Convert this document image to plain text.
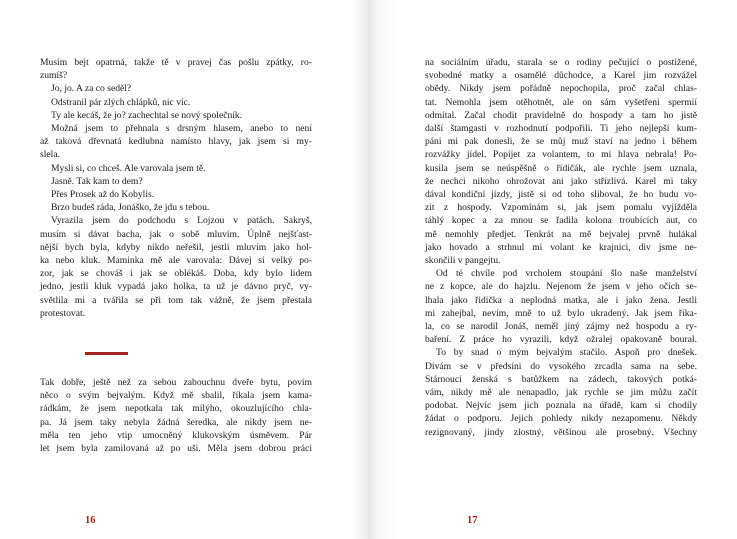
Musím bejt opatrná, takže tě v pravej čas pošlu zpátky, ro-
zumíš?
Jo, jo. A za co seděl?
Odstranil pár zlých chlápků, nic víc.
Ty ale kecáš, že jo? zachechtal se nový společník.
Možná jsem to přehnala s drsným hlasem, anebo to není
až taková dřevnatá kedlubna namísto hlavy, jak jsem si my-
slela.
Mysli si, co chceš. Ale varovala jsem tě.
Jasně. Tak kam to dem?
Přes Prosek až do Kobylis.
Brzo budeš ráda, Jonáško, že jdu s tebou.
Vyrazila jsem do podchodu s Lojzou v patách. Sakryš,
musím si dávat bacha, jak o sobě mluvím. Úplně nejšťast-
nější bych byla, kdyby nikdo neřešil, jestli mluvím jako hol-
ka nebo kluk. Maminka mě ale varovala: Dávej si velký po-
zor, jak se chováš i jak se oblékáš. Doba, kdy bylo lidem
jedno, jestli kluk vypadá jako holka, ta už je dávno pryč, vy-
světlila mi a tvářila se při tom tak vážně, že jsem přestala
protestovat.
Tak dobře, ještě než za sebou zabouchnu dveře bytu, povím
něco o svým bejvalým. Když mě sbalil, říkala jsem kama-
rádkám, že jsem nepotkala tak milýho, okouzlujícího chla-
pa. Já jsem taky nebyla žádná šeredka, ale nikdy jsem ne-
měla ten jeho vtip umocněný klukovským úsměvem. Pár
let jsem byla zamilovaná až po uši. Měla jsem dobrou práci
16
na sociálním úřadu, starala se o rodiny pečující o postižené,
svobodné matky a osamělé důchodce, a Karel jim rozvážel
obědy. Nikdy jsem pořádně nepochopila, proč začal chlas-
tat. Nemohla jsem otěhotnět, ale on sám vyšetření spermií
odmítal. Začal chodit pravidelně do hospody a tam ho jistě
další štamgasti v rozhodnutí podpořili. Ti jeho nejlepší kum-
páni mi pak donesli, že se můj muž staví na jedno i během
rozvážky jídel. Popíjet za volantem, to mi hlava nebrala! Po-
kusila jsem se neúspěšně o řidičák, ale rychle jsem uznala,
že nechci nikoho ohrožovat ani jako střízlivá. Karel mi taky
dával kondiční jízdy, jistě si od toho sliboval, že ho budu vo-
zit z hospody. Vzpomínám si, jak jsem pomalu vyjížděla
táhlý kopec a za mnou se řadila kolona troubících aut, co
mě nemohly předjet. Tenkrát na mě bejvalej prvně hulákal
jako hovado a strhnul mi volant ke krajnici, div jsme ne-
skončili v pangejtu.
Od té chvíle pod vrcholem stoupání šlo naše manželství
ne z kopce, ale do hajzlu. Nejenom že jsem v jeho očích se-
lhala jako řidička a neplodná matka, ale i jako žena. Jestli
mi zahejbal, nevím, mně to už bylo ukradený. Jak jsem říka-
la, co se narodil Jonáš, neměl jiný zájmy než hospodu a ry-
baření. Z práce ho vyrazili, když ožralej opakovaně boural.
To by snad o mým bejvalým stačilo. Aspoň pro dnešek.
Dívám se v předsíni do vysokého zrcadla sama na sebe.
Stárnoucí ženská s batůžkem na zádech, takových potká-
vám, nikdy mě ale nenapadlo, jak rychle se jim můžu začít
podobat. Nejvíc jsem jich poznala na úřadě, kam si chodily
žádat o podporu. Jejich pohledy nikdy nezapomenu. Někdy
rezignovaný, jindy zlostný, většinou ale prosebný. Všechny
17
